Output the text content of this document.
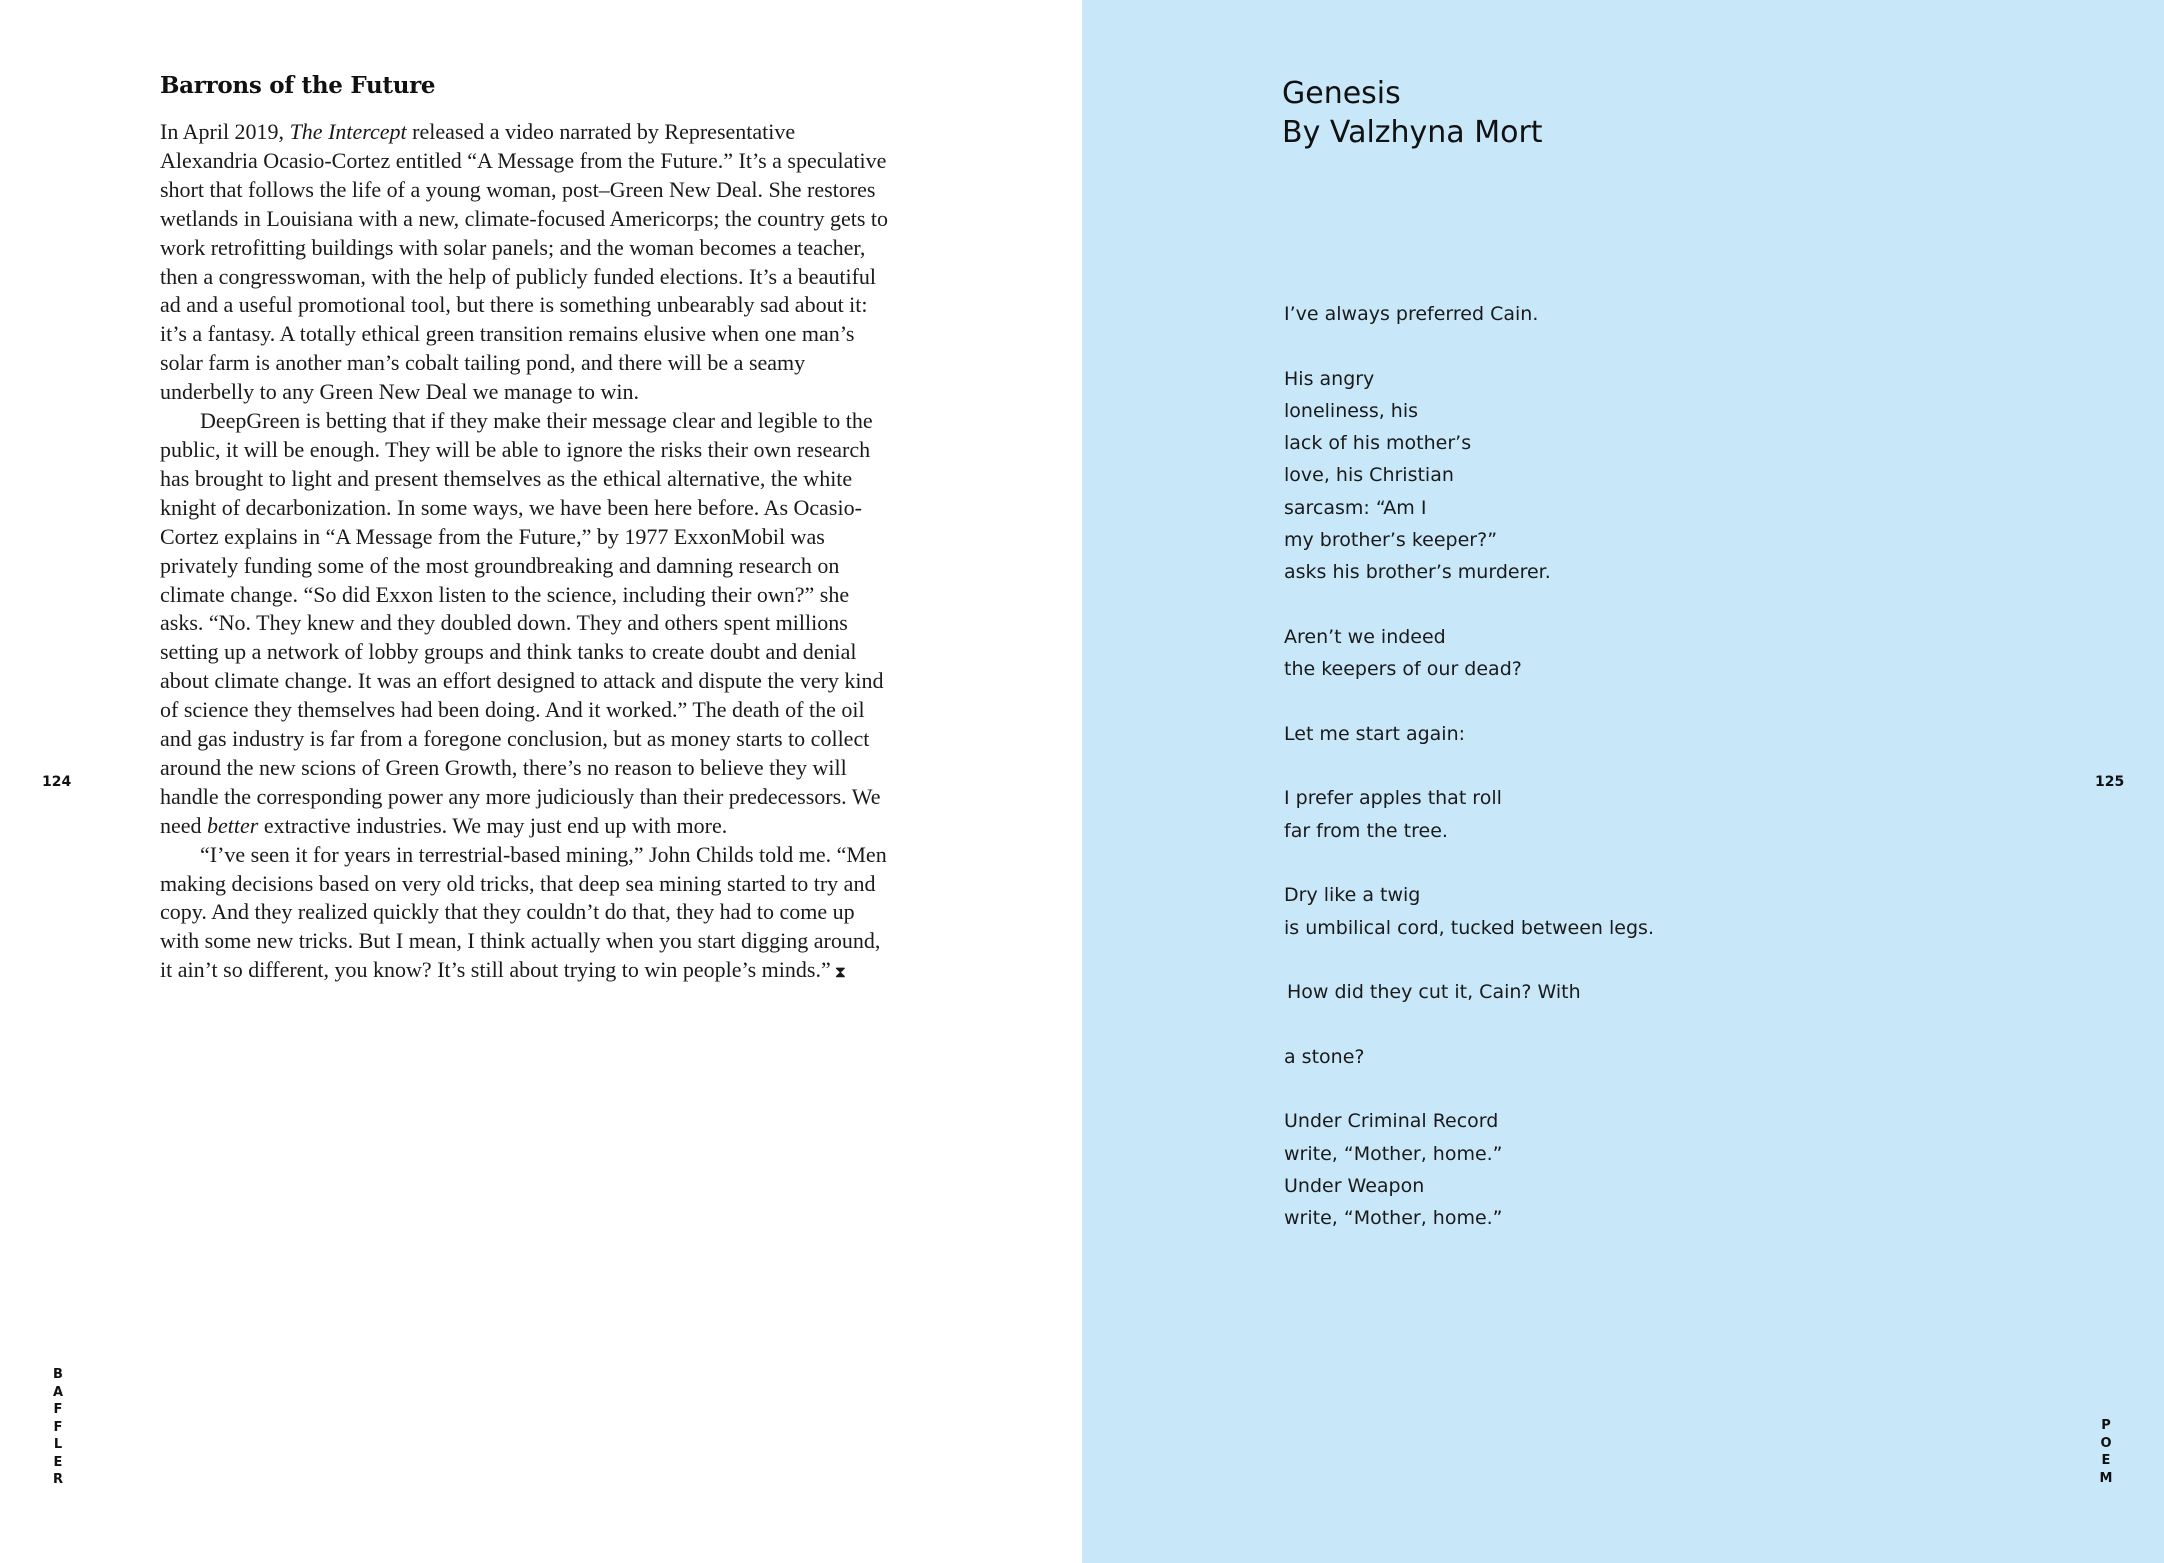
Barrons of the Future

In April 2019, The Intercept released a video narrated by Representative Alexandria Ocasio-Cortez entitled “A Message from the Future.” It’s a speculative short that follows the life of a young woman, post–Green New Deal. She restores wetlands in Louisiana with a new, climate-focused Americorps; the country gets to work retrofitting buildings with solar panels; and the woman becomes a teacher, then a congresswoman, with the help of publicly funded elections. It’s a beautiful ad and a useful promotional tool, but there is something unbearably sad about it: it’s a fantasy. A totally ethical green transition remains elusive when one man’s solar farm is another man’s cobalt tailing pond, and there will be a seamy underbelly to any Green New Deal we manage to win.

DeepGreen is betting that if they make their message clear and legible to the public, it will be enough. They will be able to ignore the risks their own research has brought to light and present themselves as the ethical alternative, the white knight of decarbonization. In some ways, we have been here before. As Ocasio-Cortez explains in “A Message from the Future,” by 1977 ExxonMobil was privately funding some of the most groundbreaking and damning research on climate change. “So did Exxon listen to the science, including their own?” she asks. “No. They knew and they doubled down. They and others spent millions setting up a network of lobby groups and think tanks to create doubt and denial about climate change. It was an effort designed to attack and dispute the very kind of science they themselves had been doing. And it worked.” The death of the oil and gas industry is far from a foregone conclusion, but as money starts to collect around the new scions of Green Growth, there’s no reason to believe they will handle the corresponding power any more judiciously than their predecessors. We need better extractive industries. We may just end up with more.

“I’ve seen it for years in terrestrial-based mining,” John Childs told me. “Men making decisions based on very old tricks, that deep sea mining started to try and copy. And they realized quickly that they couldn’t do that, they had to come up with some new tricks. But I mean, I think actually when you start digging around, it ain’t so different, you know? It’s still about trying to win people’s minds.” ⧗

124
B
A
F
F
L
E
R
Genesis
By Valzhyna Mort
I’ve always preferred Cain.
His angry
loneliness, his
lack of his mother’s
love, his Christian
sarcasm: “Am I
my brother’s keeper?”
asks his brother’s murderer.
Aren’t we indeed
the keepers of our dead?
Let me start again:
I prefer apples that roll
far from the tree.
Dry like a twig
is umbilical cord, tucked between legs.
How did they cut it, Cain? With
a stone?
Under Criminal Record
write, “Mother, home.”
Under Weapon
write, “Mother, home.”
125
P
O
E
M
